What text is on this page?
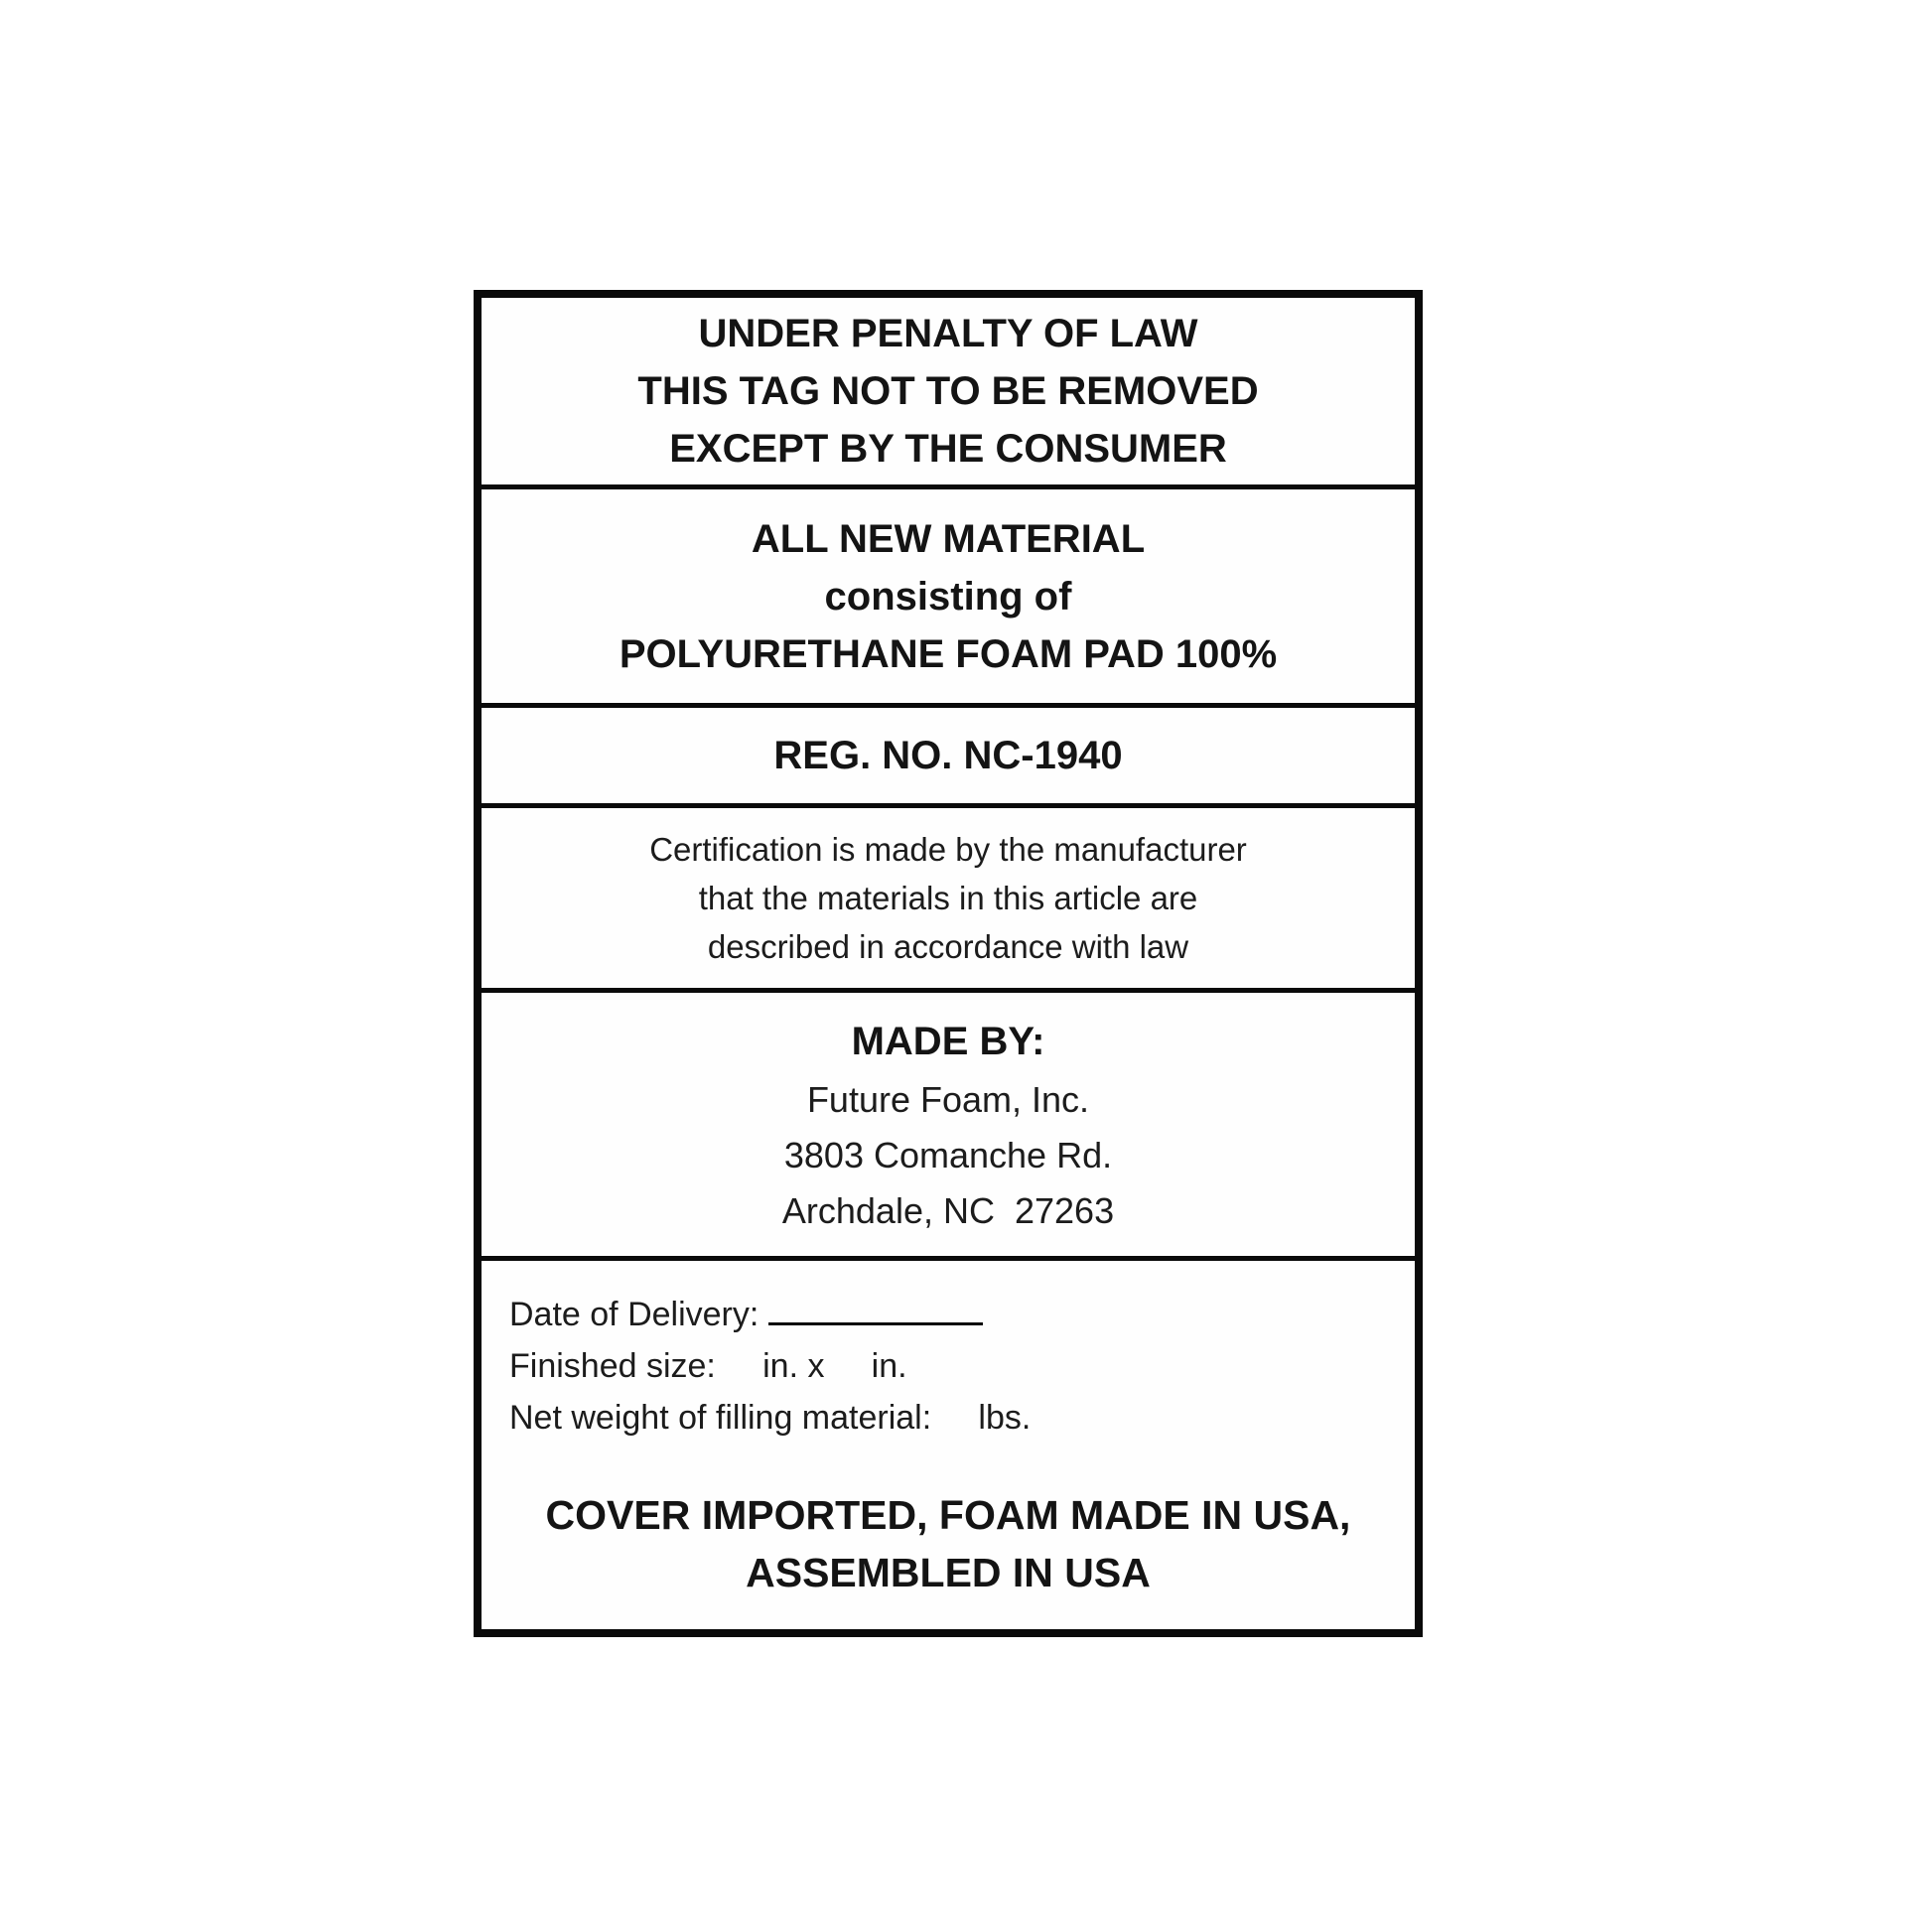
UNDER PENALTY OF LAW
THIS TAG NOT TO BE REMOVED
EXCEPT BY THE CONSUMER
ALL NEW MATERIAL
consisting of
POLYURETHANE FOAM PAD 100%
REG. NO. NC-1940
Certification is made by the manufacturer
that the materials in this article are
described in accordance with law
MADE BY:
Future Foam, Inc.
3803 Comanche Rd.
Archdale, NC  27263
Date of Delivery:
Finished size:     in. x     in.
Net weight of filling material:     lbs.
COVER IMPORTED, FOAM MADE IN USA,
ASSEMBLED IN USA
